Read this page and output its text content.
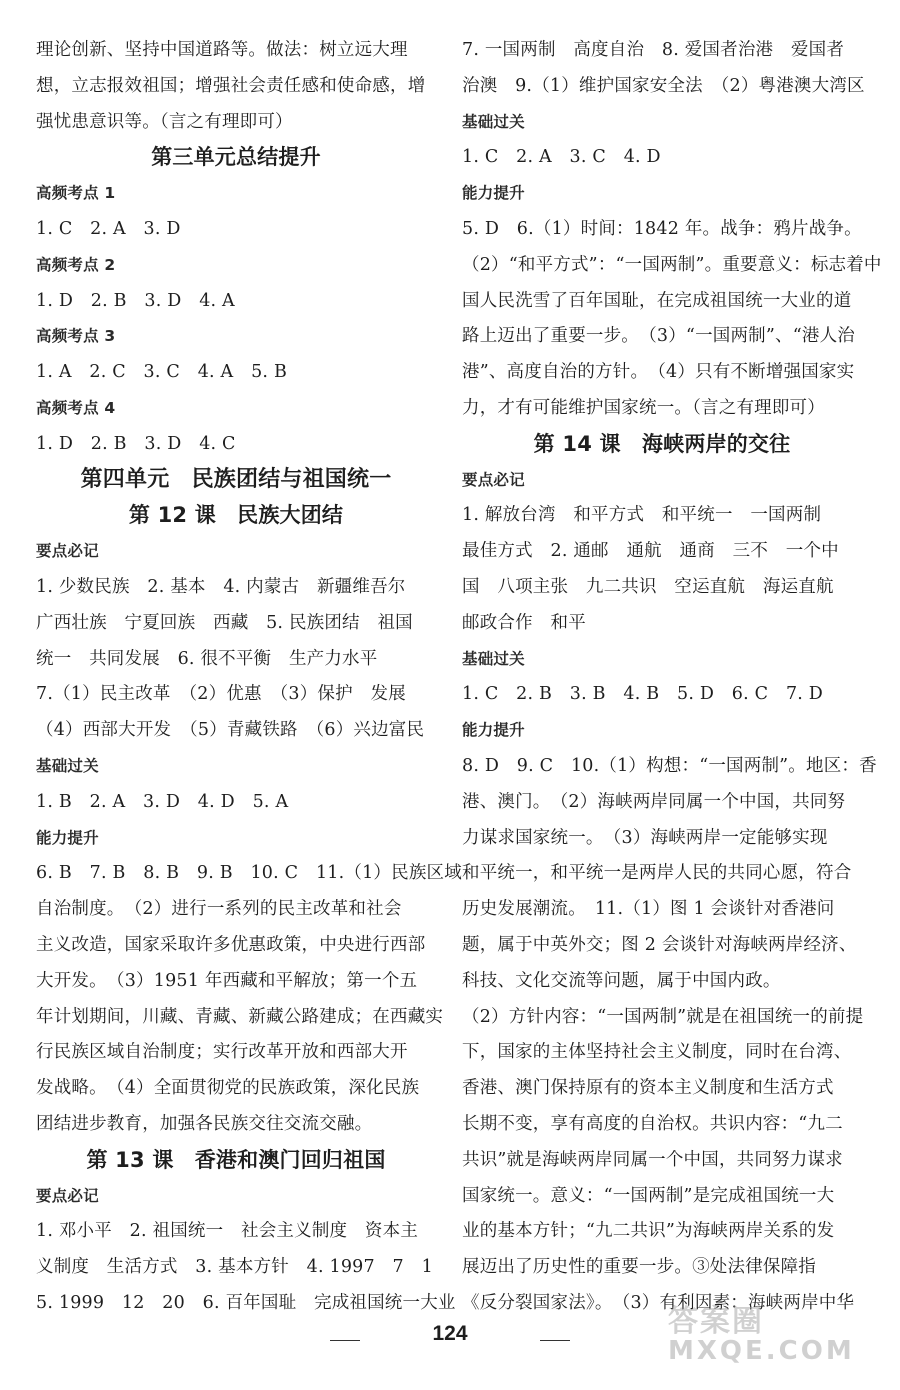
理论创新、坚持中国道路等。做法：树立远大理
想，立志报效祖国；增强社会责任感和使命感，增
强忧患意识等。（言之有理即可）
第三单元总结提升
高频考点 1
1. C　2. A　3. D
高频考点 2
1. D　2. B　3. D　4. A
高频考点 3
1. A　2. C　3. C　4. A　5. B
高频考点 4
1. D　2. B　3. D　4. C
第四单元　民族团结与祖国统一
第 12 课　民族大团结
要点必记
1. 少数民族　2. 基本　4. 内蒙古　新疆维吾尔
广西壮族　宁夏回族　西藏　5. 民族团结　祖国
统一　共同发展　6. 很不平衡　生产力水平
7.（1）民主改革　（2）优惠　（3）保护　发展
（4）西部大开发　（5）青藏铁路　（6）兴边富民
基础过关
1. B　2. A　3. D　4. D　5. A
能力提升
6. B　7. B　8. B　9. B　10. C　11.（1）民族区域
自治制度。　（2）进行一系列的民主改革和社会
主义改造，国家采取许多优惠政策，中央进行西部
大开发。　（3）1951 年西藏和平解放；第一个五
年计划期间，川藏、青藏、新藏公路建成；在西藏实
行民族区域自治制度；实行改革开放和西部大开
发战略。　（4）全面贯彻党的民族政策，深化民族
团结进步教育，加强各民族交往交流交融。
第 13 课　香港和澳门回归祖国
要点必记
1. 邓小平　2. 祖国统一　社会主义制度　资本主
义制度　生活方式　3. 基本方针　4. 1997　7　1
5. 1999　12　20　6. 百年国耻　完成祖国统一大业
7. 一国两制　高度自治　8. 爱国者治港　爱国者
治澳　9.（1）维护国家安全法　（2）粤港澳大湾区
基础过关
1. C　2. A　3. C　4. D
能力提升
5. D　6.（1）时间：1842 年。战争：鸦片战争。
（2）“和平方式”：“一国两制”。重要意义：标志着中
国人民洗雪了百年国耻，在完成祖国统一大业的道
路上迈出了重要一步。　（3）“一国两制”、“港人治
港”、高度自治的方针。　（4）只有不断增强国家实
力，才有可能维护国家统一。（言之有理即可）
第 14 课　海峡两岸的交往
要点必记
1. 解放台湾　和平方式　和平统一　一国两制
最佳方式　2. 通邮　通航　通商　三不　一个中
国　八项主张　九二共识　空运直航　海运直航
邮政合作　和平
基础过关
1. C　2. B　3. B　4. B　5. D　6. C　7. D
能力提升
8. D　9. C　10.（1）构想：“一国两制”。地区：香
港、澳门。　（2）海峡两岸同属一个中国，共同努
力谋求国家统一。　（3）海峡两岸一定能够实现
和平统一，和平统一是两岸人民的共同心愿，符合
历史发展潮流。　11.（1）图 1 会谈针对香港问
题，属于中英外交；图 2 会谈针对海峡两岸经济、
科技、文化交流等问题，属于中国内政。
（2）方针内容：“一国两制”就是在祖国统一的前提
下，国家的主体坚持社会主义制度，同时在台湾、
香港、澳门保持原有的资本主义制度和生活方式
长期不变，享有高度的自治权。共识内容：“九二
共识”就是海峡两岸同属一个中国，共同努力谋求
国家统一。意义：“一国两制”是完成祖国统一大
业的基本方针；“九二共识”为海峡两岸关系的发
展迈出了历史性的重要一步。③处法律保障指
《反分裂国家法》。　（3）有利因素：海峡两岸中华
124	答案圈
MXQE.COM
